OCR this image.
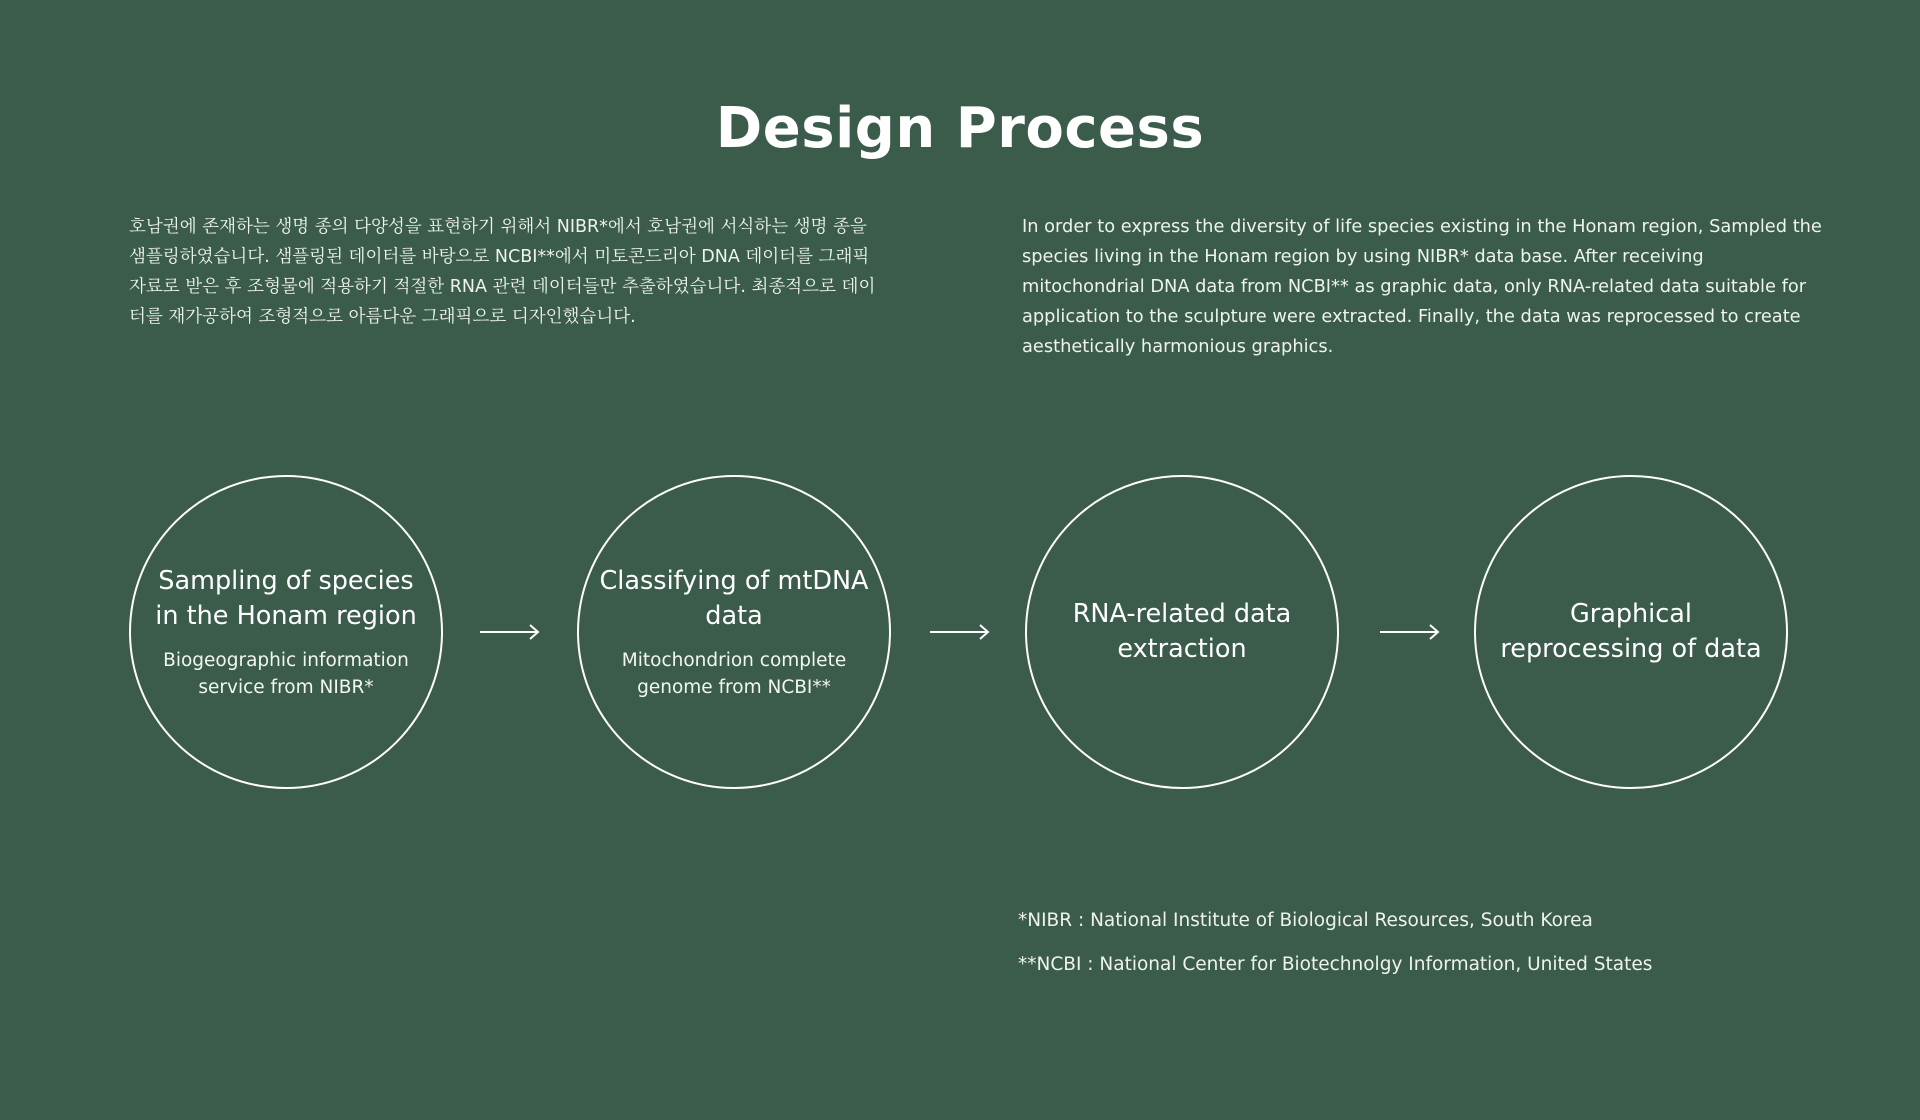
Design Process

호남권에 존재하는 생명 종의 다양성을 표현하기 위해서 NIBR*에서 호남권에 서식하는 생명 종을 샘플링하였습니다. 샘플링된 데이터를 바탕으로 NCBI**에서 미토콘드리아 DNA 데이터를 그래픽 자료로 받은 후 조형물에 적용하기 적절한 RNA 관련 데이터들만 추출하였습니다. 최종적으로 데이터를 재가공하여 조형적으로 아름다운 그래픽으로 디자인했습니다.

In order to express the diversity of life species existing in the Honam region, Sampled the species living in the Honam region by using NIBR* data base. After receiving mitochondrial DNA data from NCBI** as graphic data, only RNA-related data suitable for application to the sculpture were extracted. Finally, the data was reprocessed to create aesthetically harmonious graphics.

Sampling of species in the Honam region
Biogeographic information service from NIBR*
Classifying of mtDNA data
Mitochondrion complete genome from NCBI**
RNA-related data extraction
Graphical reprocessing of data
*NIBR : National Institute of Biological Resources, South Korea
**NCBI : National Center for Biotechnolgy Information, United States
